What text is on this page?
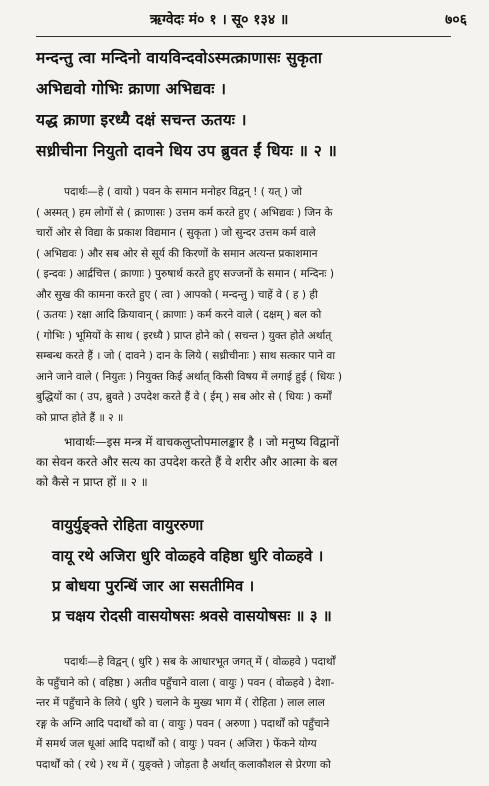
ऋग्वेदः मं० १ । सू० १३४ ॥	७०६
मन्दन्तु त्वा मन्दिनो वायविन्दवोऽस्मत्क्राणासः सुकृता
अभिद्यवो गोभिः क्राणा अभिद्यवः ।
यद्ध क्राणा इरध्यै दक्षं सचन्त ऊतयः ।
सध्रीचीना नियुतो दावने धिय उप ब्रुवत ईं धियः ॥ २ ॥

पदार्थः—हे ( वायो ) पवन के समान मनोहर विद्वन् ! ( यत् ) जो

( अस्मत् ) हम लोगों से ( क्राणासः ) उत्तम कर्म करते हुए ( अभिद्यवः ) जिन के
चारों ओर से विद्या के प्रकाश विद्यमान ( सुकृता ) जो सुन्दर उत्तम कर्म वाले
( अभिद्यवः ) और सब ओर से सूर्य की किरणों के समान अत्यन्त प्रकाशमान
( इन्दवः ) आर्द्रचित्त ( क्राणाः ) पुरुषार्थ करते हुए सज्जनों के समान ( मन्दिनः )
और सुख की कामना करते हुए ( त्वा ) आपको ( मन्दन्तु ) चाहें वे ( ह ) ही
( ऊतयः ) रक्षा आदि क्रियावान् ( क्राणाः ) कर्म करने वाले ( दक्षम् ) बल को
( गोभिः ) भूमियों के साथ ( इरध्यै ) प्राप्त होने को ( सचन्त ) युक्त होते अर्थात्
सम्बन्ध करते हैं । जो ( दावने ) दान के लिये ( सध्रीचीनाः ) साथ सत्कार पाने वा
आने जाने वाले ( नियुतः ) नियुक्त किई अर्थात् किसी विषय में लगाई हुई ( धियः )
बुद्धियों का ( उप, ब्रुवते ) उपदेश करते हैं वे ( ईम् ) सब ओर से ( धियः ) कर्मों
को प्राप्त होते हैं ॥ २ ॥

भावार्थः—इस मन्त्र में वाचकलुप्तोपमालङ्कार है । जो मनुष्य विद्वानों

का सेवन करते और सत्य का उपदेश करते हैं वे शरीर और आत्मा के बल
को कैसे न प्राप्त हों ॥ २ ॥
वायुर्युङ्क्ते रोहिता वायुररुणा
वायू रथे अजिरा धुरि वोळ्हवे वहिष्ठा धुरि वोळ्हवे ।
प्र बोधया पुरन्धिं जार आ ससतीमिव ।
प्र चक्षय रोदसी वासयोषसः श्रवसे वासयोषसः ॥ ३ ॥

पदार्थः—हे विद्वन् ( धुरि ) सब के आधारभूत जगत् में ( वोळ्हवे ) पदार्थों

के पहुँचाने को ( वहिष्ठा ) अतीव पहुँचाने वाला ( वायुः ) पवन ( वोळ्हवे ) देशा-
न्तर में पहुँचाने के लिये ( धुरि ) चलाने के मुख्य भाग में ( रोहिता ) लाल लाल
रङ्ग के अग्नि आदि पदार्थों को वा ( वायुः ) पवन ( अरुणा ) पदार्थों को पहुँचाने
में समर्थ जल धूआं आदि पदार्थों को ( वायुः ) पवन ( अजिरा ) फेंकने योग्य
पदार्थों को ( रथे ) रथ में ( युङ्क्ते ) जोड़ता है अर्थात् कलाकौशल से प्रेरणा को
